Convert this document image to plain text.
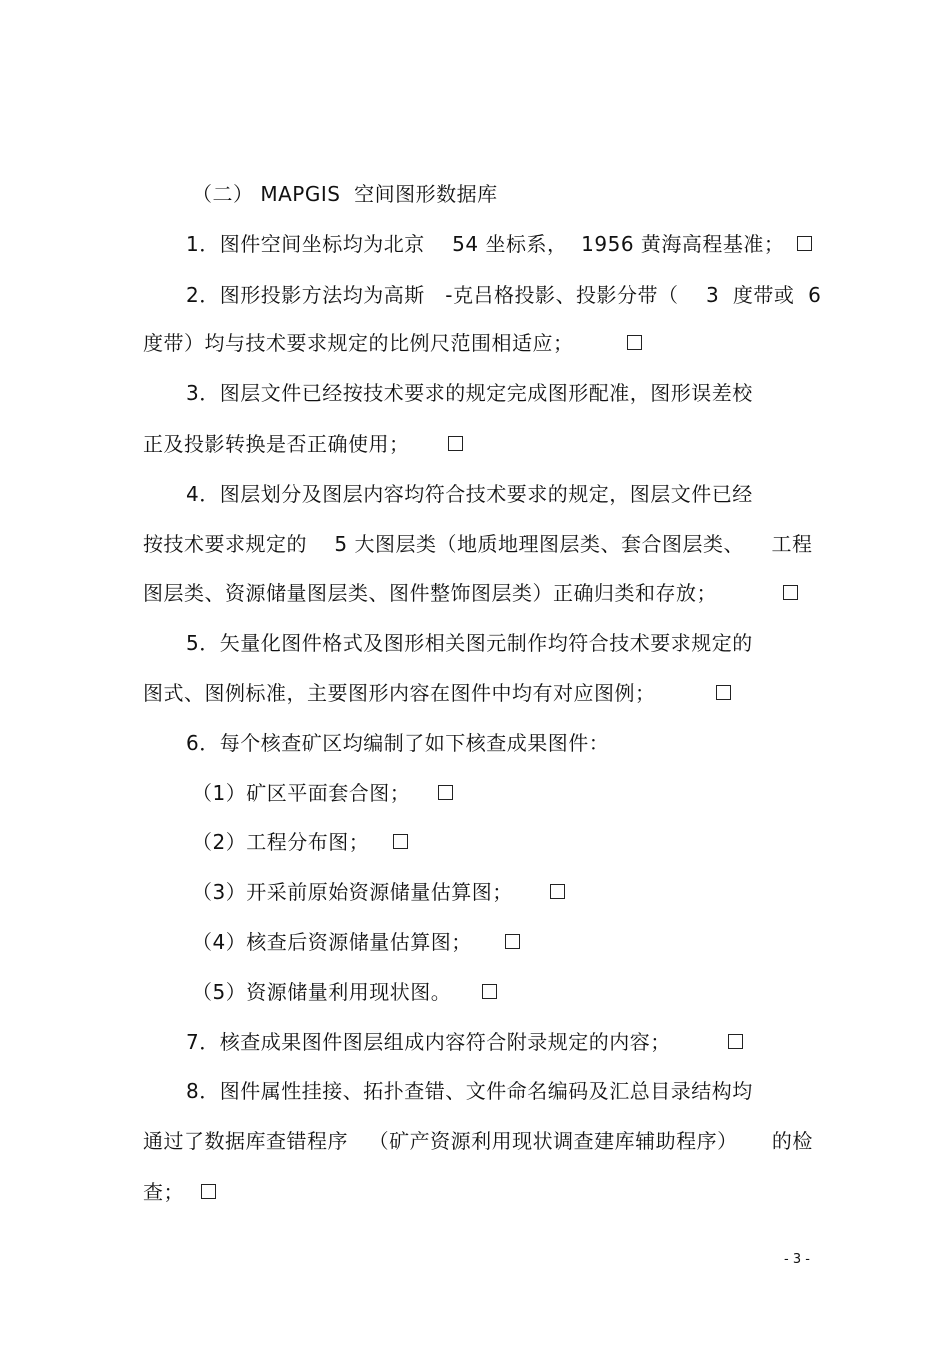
（二） MAPGIS  空间图形数据库
1．图件空间坐标均为北京    54 坐标系，  1956 黄海高程基准；
2．图形投影方法均为高斯   -克吕格投影、投影分带（    3  度带或  6
度带）均与技术要求规定的比例尺范围相适应；
3．图层文件已经按技术要求的规定完成图形配准，图形误差校
正及投影转换是否正确使用；
4．图层划分及图层内容均符合技术要求的规定，图层文件已经
按技术要求规定的    5 大图层类（地质地理图层类、套合图层类、    工程
图层类、资源储量图层类、图件整饰图层类）正确归类和存放；
5．矢量化图件格式及图形相关图元制作均符合技术要求规定的
图式、图例标准，主要图形内容在图件中均有对应图例；
6．每个核查矿区均编制了如下核查成果图件：
（1）矿区平面套合图；
（2）工程分布图；
（3）开采前原始资源储量估算图；
（4）核查后资源储量估算图；
（5）资源储量利用现状图。
7．核查成果图件图层组成内容符合附录规定的内容；
8．图件属性挂接、拓扑查错、文件命名编码及汇总目录结构均
通过了数据库查错程序   （矿产资源利用现状调查建库辅助程序）     的检
查；
- 3 -
